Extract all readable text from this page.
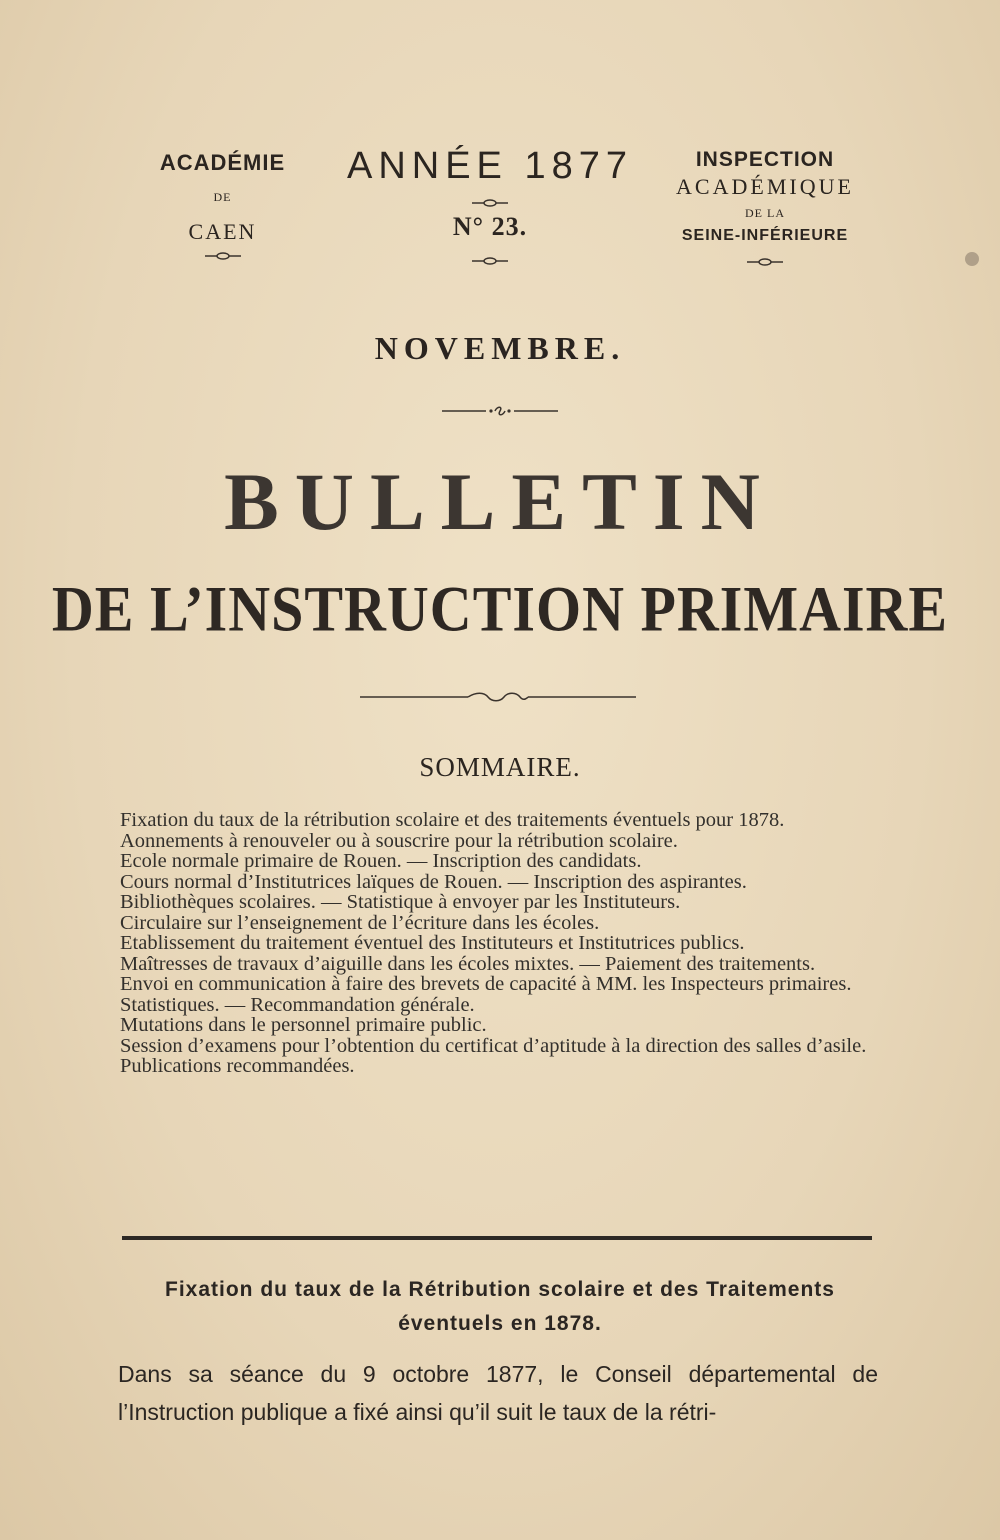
ACADÉMIE
DE
CAEN
ANNÉE 1877
N° 23.
INSPECTION
ACADÉMIQUE
DE LA
SEINE-INFÉRIEURE
NOVEMBRE.
BULLETIN
DE L’INSTRUCTION PRIMAIRE
SOMMAIRE.
Fixation du taux de la rétribution scolaire et des traitements éventuels pour 1878.
Aonnements à renouveler ou à souscrire pour la rétribution scolaire.
Ecole normale primaire de Rouen. — Inscription des candidats.
Cours normal d’Institutrices laïques de Rouen. — Inscription des aspirantes.
Bibliothèques scolaires. — Statistique à envoyer par les Instituteurs.
Circulaire sur l’enseignement de l’écriture dans les écoles.
Etablissement du traitement éventuel des Instituteurs et Institutrices publics.
Maîtresses de travaux d’aiguille dans les écoles mixtes. — Paiement des traitements.
Envoi en communication à faire des brevets de capacité à MM. les Inspecteurs primaires.
Statistiques. — Recommandation générale.
Mutations dans le personnel primaire public.
Session d’examens pour l’obtention du certificat d’aptitude à la direction des salles d’asile.
Publications recommandées.
Fixation du taux de la Rétribution scolaire et des Traitements éventuels en 1878.
Dans sa séance du 9 octobre 1877, le Conseil départemental de l’Instruction publique a fixé ainsi qu’il suit le taux de la rétri-
